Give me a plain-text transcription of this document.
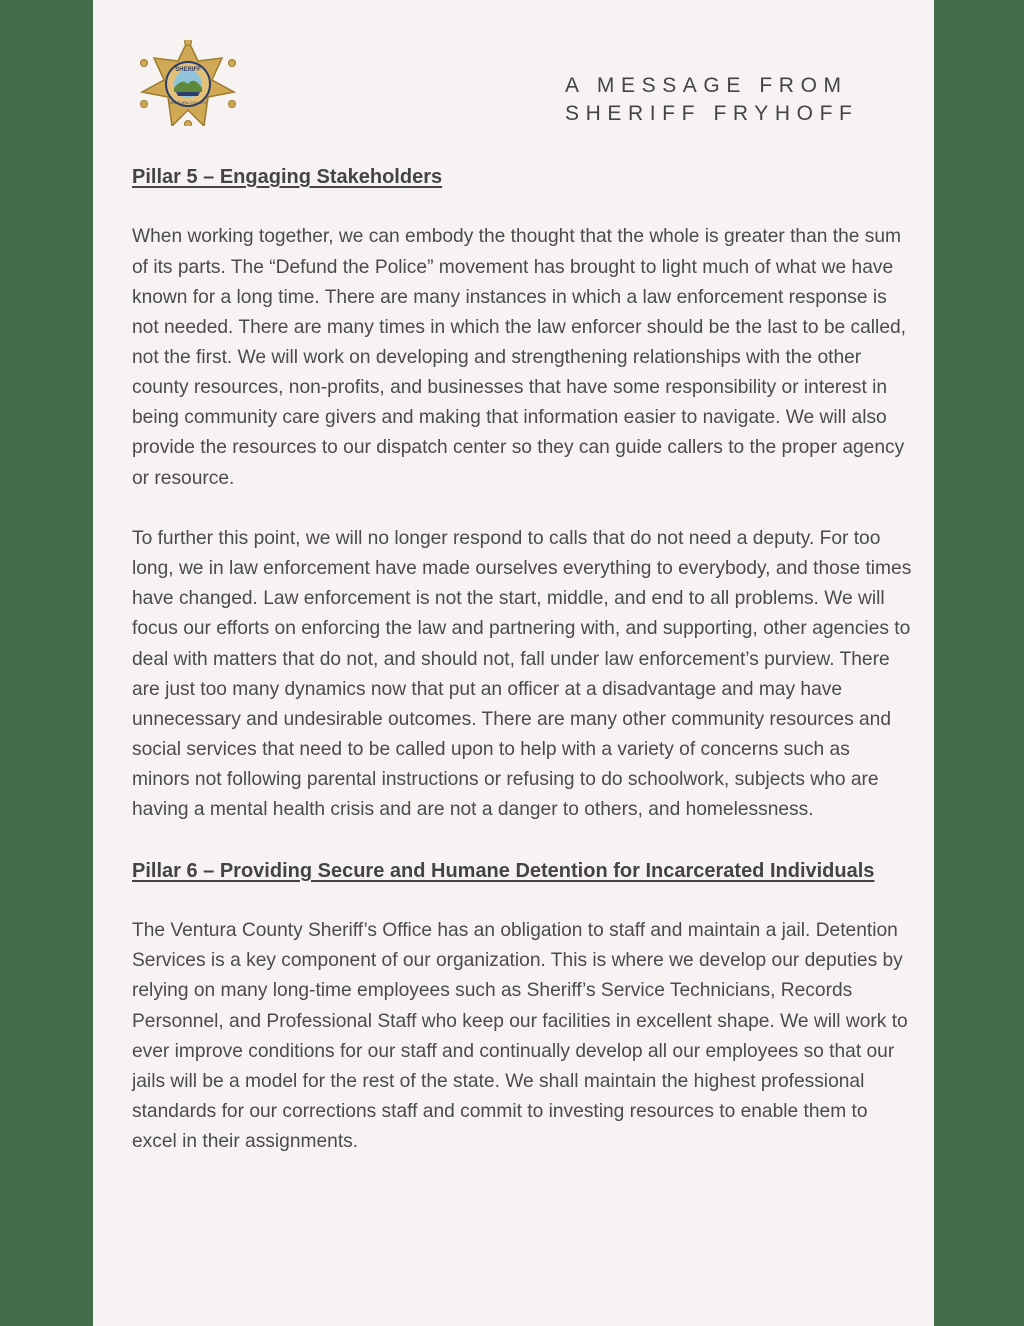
SHERIFF
VENTURA COUNTY
A MESSAGE FROM
SHERIFF FRYHOFF

Pillar 5 – Engaging Stakeholders

When working together, we can embody the thought that the whole is greater than the sum of its parts. The “Defund the Police” movement has brought to light much of what we have known for a long time. There are many instances in which a law enforcement response is not needed. There are many times in which the law enforcer should be the last to be called, not the first. We will work on developing and strengthening relationships with the other county resources, non-profits, and businesses that have some responsibility or interest in being community care givers and making that information easier to navigate. We will also provide the resources to our dispatch center so they can guide callers to the proper agency or resource.

To further this point, we will no longer respond to calls that do not need a deputy. For too long, we in law enforcement have made ourselves everything to everybody, and those times have changed. Law enforcement is not the start, middle, and end to all problems. We will focus our efforts on enforcing the law and partnering with, and supporting, other agencies to deal with matters that do not, and should not, fall under law enforcement’s purview. There are just too many dynamics now that put an officer at a disadvantage and may have unnecessary and undesirable outcomes. There are many other community resources and social services that need to be called upon to help with a variety of concerns such as minors not following parental instructions or refusing to do schoolwork, subjects who are having a mental health crisis and are not a danger to others, and homelessness.

Pillar 6 – Providing Secure and Humane Detention for Incarcerated Individuals

The Ventura County Sheriff’s Office has an obligation to staff and maintain a jail. Detention Services is a key component of our organization. This is where we develop our deputies by relying on many long-time employees such as Sheriff’s Service Technicians, Records Personnel, and Professional Staff who keep our facilities in excellent shape. We will work to ever improve conditions for our staff and continually develop all our employees so that our jails will be a model for the rest of the state. We shall maintain the highest professional standards for our corrections staff and commit to investing resources to enable them to excel in their assignments.
